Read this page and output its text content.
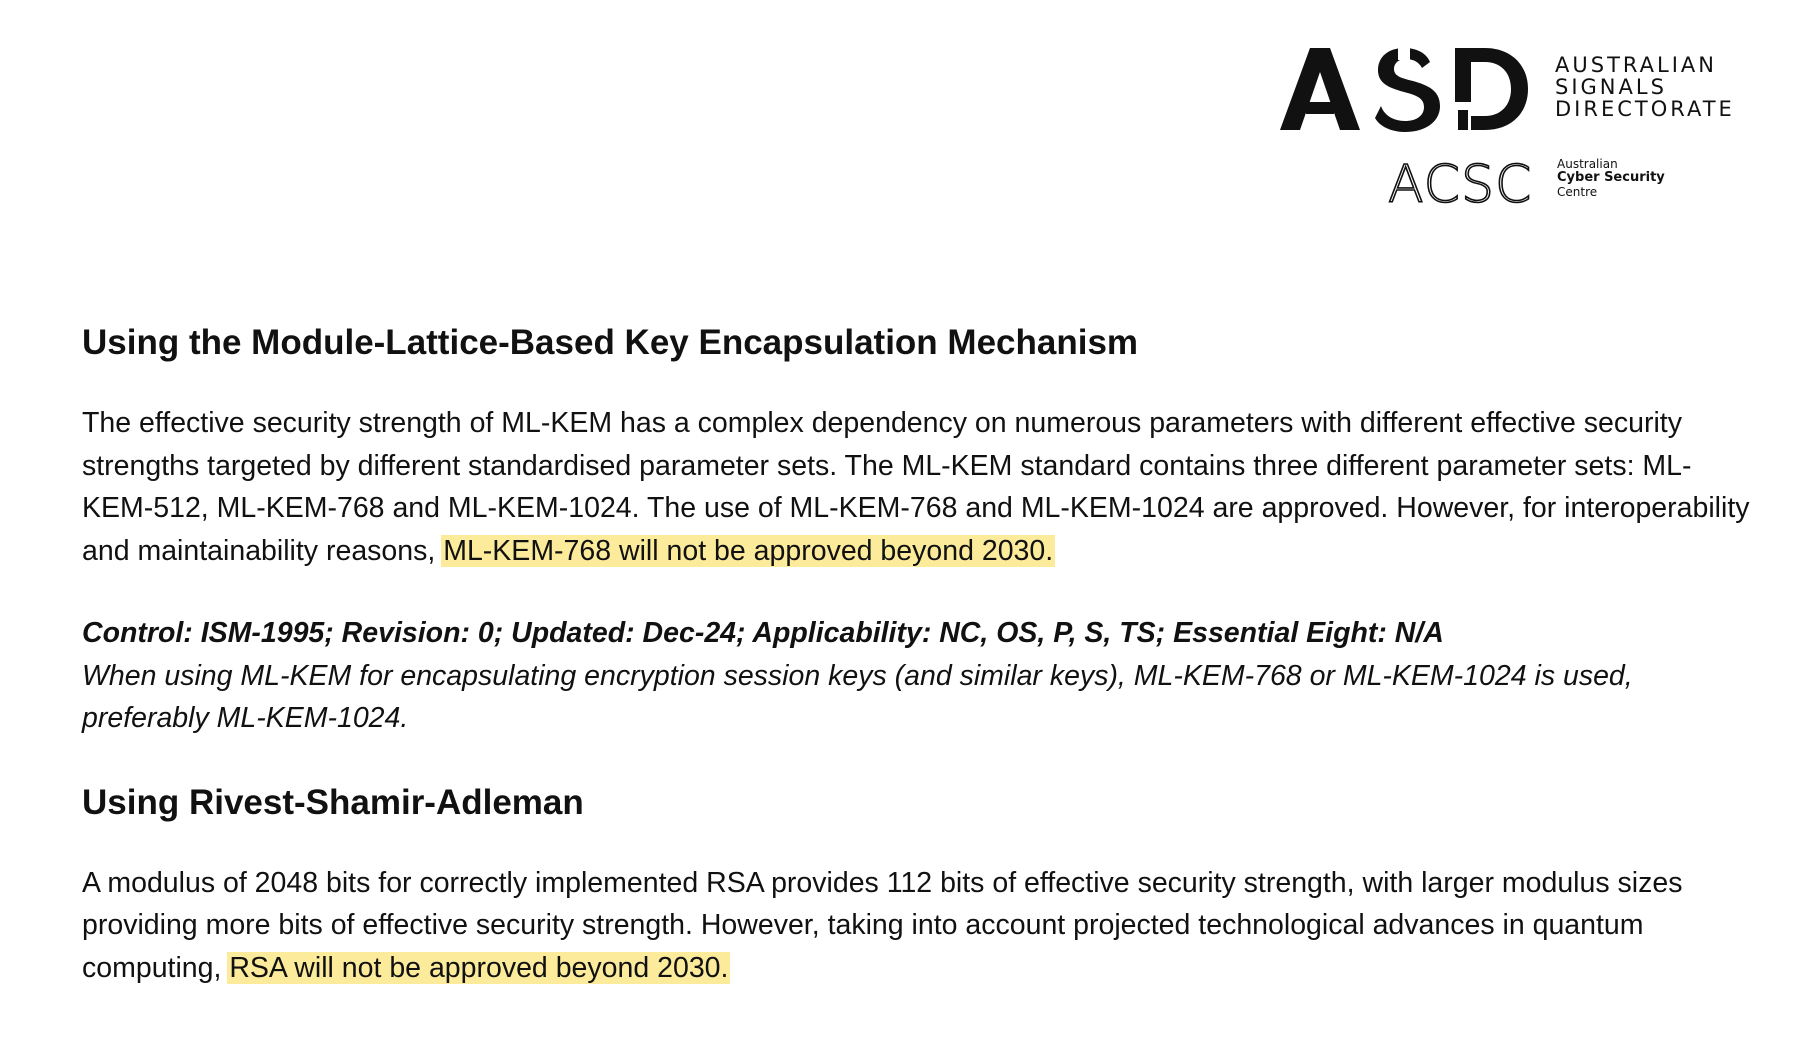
AUSTRALIAN
SIGNALS
DIRECTORATE
ACSC Australian
Cyber Security
Centre
Using the Module-Lattice-Based Key Encapsulation Mechanism

The effective security strength of ML-KEM has a complex dependency on numerous parameters with different effective security strengths targeted by different standardised parameter sets. The ML-KEM standard contains three different parameter sets: ML-KEM-512, ML-KEM-768 and ML-KEM-1024. The use of ML-KEM-768 and ML-KEM-1024 are approved. However, for interoperability and maintainability reasons, ML-KEM-768 will not be approved beyond 2030.

Control: ISM-1995; Revision: 0; Updated: Dec-24; Applicability: NC, OS, P, S, TS; Essential Eight: N/A

When using ML-KEM for encapsulating encryption session keys (and similar keys), ML-KEM-768 or ML-KEM-1024 is used, preferably ML-KEM-1024.

Using Rivest-Shamir-Adleman

A modulus of 2048 bits for correctly implemented RSA provides 112 bits of effective security strength, with larger modulus sizes providing more bits of effective security strength. However, taking into account projected technological advances in quantum computing, RSA will not be approved beyond 2030.
